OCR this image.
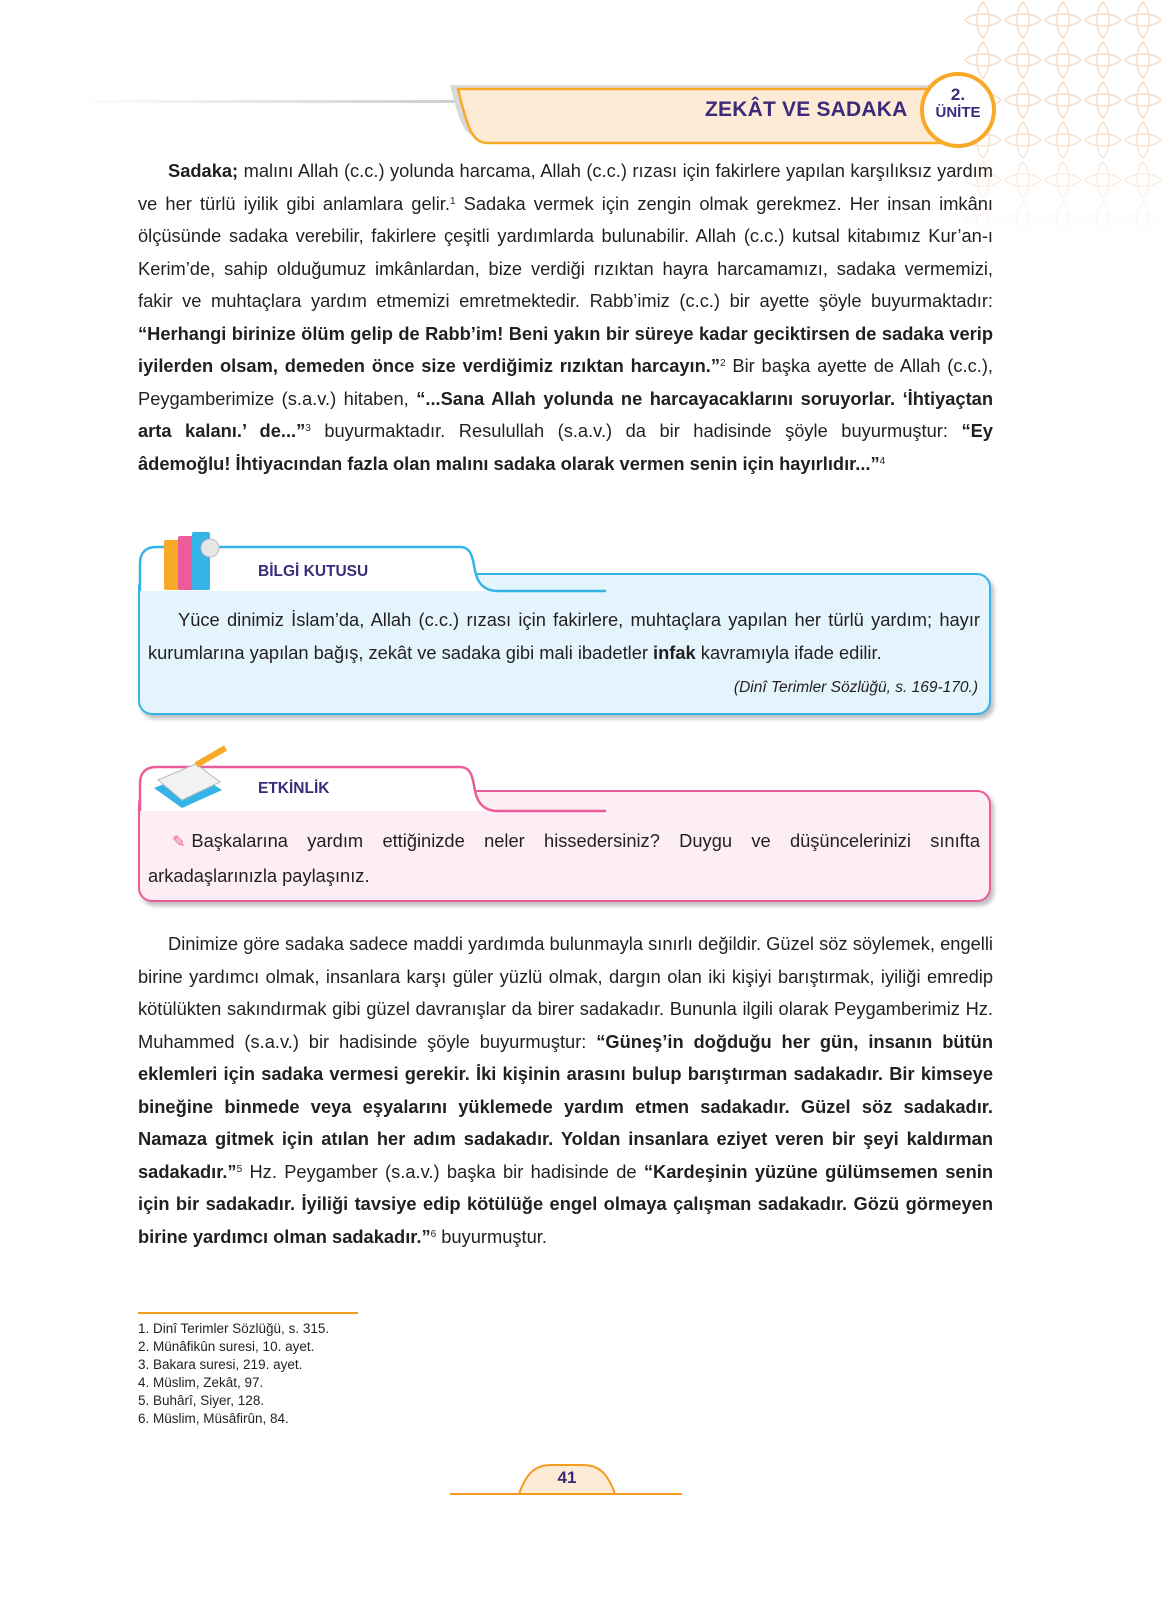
ZEKÂT VE SADAKA
2.
ÜNİTE

Sadaka; malını Allah (c.c.) yolunda harcama, Allah (c.c.) rızası için fakirlere yapılan karşılıksız yardım ve her türlü iyilik gibi anlamlara gelir.$^1$ Sadaka vermek için zengin olmak gerekmez. Her insan imkânı ölçüsünde sadaka verebilir, fakirlere çeşitli yardımlarda bulunabilir. Allah (c.c.) kutsal kitabımız Kur’an-ı Kerim’de, sahip olduğumuz imkânlardan, bize verdiği rızıktan hayra harcamamızı, sadaka vermemizi, fakir ve muhtaçlara yardım etmemizi emretmektedir. Rabb’imiz (c.c.) bir ayette şöyle buyurmaktadır: “Herhangi birinize ölüm gelip de Rabb’im! Beni yakın bir süreye kadar geciktirsen de sadaka verip iyilerden olsam, demeden önce size verdiğimiz rızıktan harcayın.”$^2$ Bir başka ayette de Allah (c.c.), Peygamberimize (s.a.v.) hitaben, “...Sana Allah yolunda ne harcayacaklarını soruyorlar. ‘İhtiyaçtan arta kalanı.’ de...”$^3$ buyurmaktadır. Resulullah (s.a.v.) da bir hadisinde şöyle buyurmuştur: “Ey âdemoğlu! İhtiyacından fazla olan malını sadaka olarak vermen senin için hayırlıdır...”$^4$

BİLGİ KUTUSU

Yüce dinimiz İslam’da, Allah (c.c.) rızası için fakirlere, muhtaçlara yapılan her türlü yardım; hayır kurumlarına yapılan bağış, zekât ve sadaka gibi mali ibadetler infak kavramıyla ifade edilir.

(Dinî Terimler Sözlüğü, s. 169-170.)
ETKİNLİK

✎ Başkalarına yardım ettiğinizde neler hissedersiniz? Duygu ve düşüncelerinizi sınıfta arkadaşlarınızla paylaşınız.

Dinimize göre sadaka sadece maddi yardımda bulunmayla sınırlı değildir. Güzel söz söylemek, engelli birine yardımcı olmak, insanlara karşı güler yüzlü olmak, dargın olan iki kişiyi barıştırmak, iyiliği emredip kötülükten sakındırmak gibi güzel davranışlar da birer sadakadır. Bununla ilgili olarak Peygamberimiz Hz. Muhammed (s.a.v.) bir hadisinde şöyle buyurmuştur: “Güneş’in doğduğu her gün, insanın bütün eklemleri için sadaka vermesi gerekir. İki kişinin arasını bulup barıştırman sadakadır. Bir kimseye bineğine binmede veya eşyalarını yüklemede yardım etmen sadakadır. Güzel söz sadakadır. Namaza gitmek için atılan her adım sadakadır. Yoldan insanlara eziyet veren bir şeyi kaldırman sadakadır.”$^5$ Hz. Peygamber (s.a.v.) başka bir hadisinde de “Kardeşinin yüzüne gülümsemen senin için bir sadakadır. İyiliği tavsiye edip kötülüğe engel olmaya çalışman sadakadır. Gözü görmeyen birine yardımcı olman sadakadır.”$^6$ buyurmuştur.

1. Dinî Terimler Sözlüğü, s. 315.
2. Münâfikûn suresi, 10. ayet.
3. Bakara suresi, 219. ayet.
4. Müslim, Zekât, 97.
5. Buhârî, Siyer, 128.
6. Müslim, Müsâfirûn, 84.
41
